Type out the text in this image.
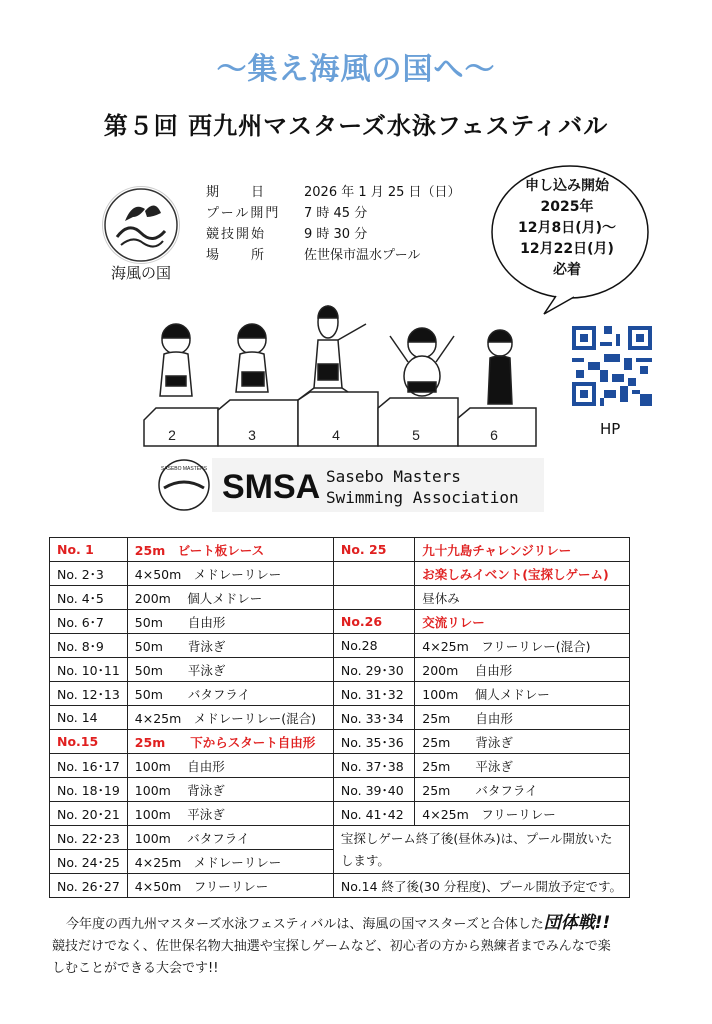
～集え海風の国へ～
第５回 西九州マスターズ水泳フェスティバル
海風の国
期　　日	2026 年 1 月 25 日（日）
プール開門	7 時 45 分
競技開始	9 時 30 分
場　　所	佐世保市温水プール
申し込み開始
2025年
12月8日(月)～
12月22日(月)
必着
2	3	4	5	6	HP
SASEBO MASTERS SMSA Sasebo Masters
Swimming Association
No. 1	25m　ビート板レース	No. 25	九十九島チャレンジリレー
No. 2･3	4×50m　メドレーリレー		お楽しみイベント(宝探しゲーム)
No. 4･5	200m　 個人メドレー		昼休み
No. 6･7	50m　　自由形	No.26	交流リレー
No. 8･9	50m　　背泳ぎ	No.28	4×25m　フリーリレー(混合)
No. 10･11	50m　　平泳ぎ	No. 29･30	200m　 自由形
No. 12･13	50m　　バタフライ	No. 31･32	100m　 個人メドレー
No. 14	4×25m　メドレーリレー(混合)	No. 33･34	25m　　自由形
No.15	25m　　下からスタート自由形	No. 35･36	25m　　背泳ぎ
No. 16･17	100m　 自由形	No. 37･38	25m　　平泳ぎ
No. 18･19	100m　 背泳ぎ	No. 39･40	25m　　バタフライ
No. 20･21	100m　 平泳ぎ	No. 41･42	4×25m　フリーリレー
No. 22･23	100m　 バタフライ	宝探しゲーム終了後(昼休み)は、プール開放いたします。	
No. 24･25	4×25m　メドレーリレー		
No. 26･27	4×50m　フリーリレー	No.14 終了後(30 分程度)、プール開放予定です。	
今年度の西九州マスターズ水泳フェスティバルは、海風の国マスターズと合体した団体戦!!
競技だけでなく、佐世保名物大抽選や宝探しゲームなど、初心者の方から熟練者までみんなで楽
しむことができる大会です!!
